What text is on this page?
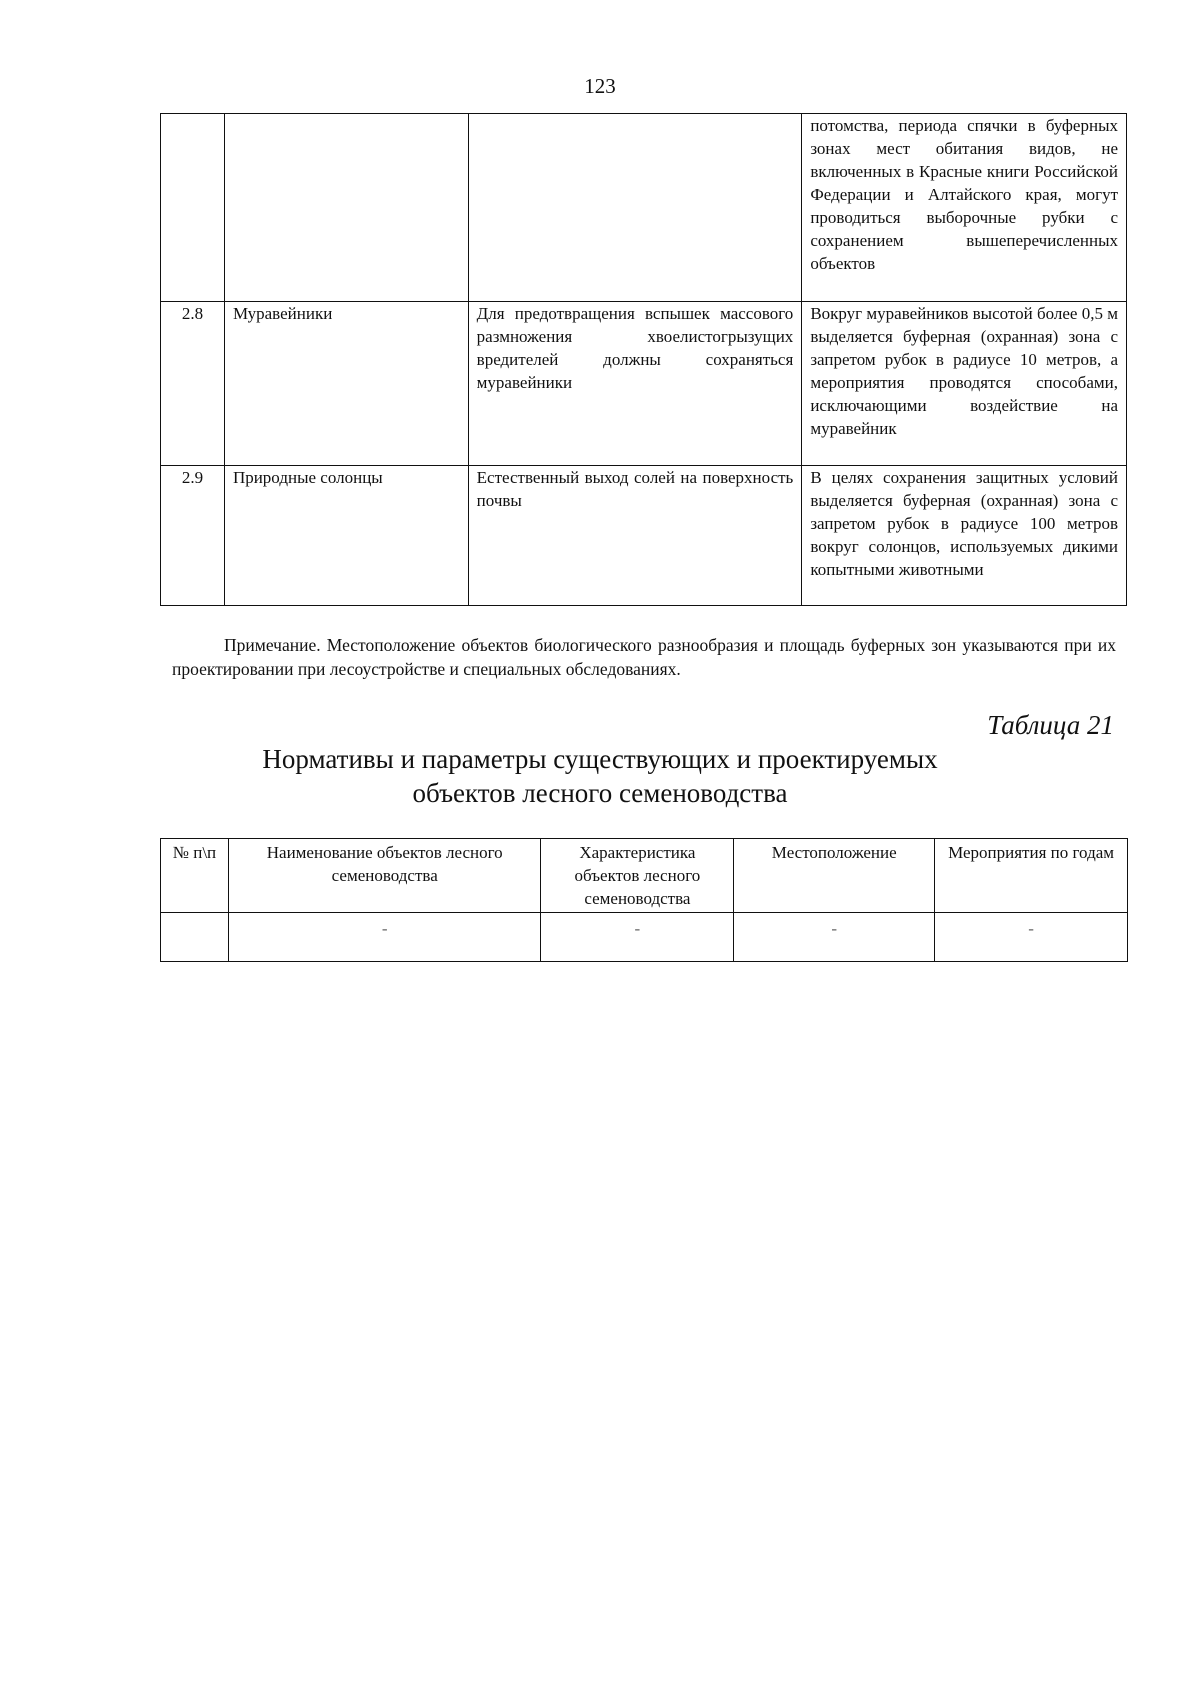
123
			потомства, периода спячки в буферных зонах мест обитания видов, не включенных в Красные книги Российской Федерации и Алтайского края, могут проводиться выборочные рубки с сохранением вышеперечисленных объектов
2.8	Муравейники	Для предотвращения вспышек массового размножения хвоелистогрызущих вредителей должны сохраняться муравейники	Вокруг муравейников высотой более 0,5 м выделяется буферная (охранная) зона с запретом рубок в радиусе 10 метров, а мероприятия проводятся способами, исключающими воздействие на муравейник
2.9	Природные солонцы	Естественный выход солей на поверхность почвы	В целях сохранения защитных условий выделяется буферная (охранная) зона с запретом рубок в радиусе 100 метров вокруг солонцов, используемых дикими копытными животными
Примечание. Местоположение объектов биологического разнообразия и площадь буферных зон указываются при их проектировании при лесоустройстве и специальных обследованиях.
Таблица 21
Нормативы и параметры существующих и проектируемых
объектов лесного семеноводства
№ п\п	Наименование объектов лесного семеноводства	Характеристика объектов лесного семеноводства	Местоположение	Мероприятия по годам
	-	-	-	-
